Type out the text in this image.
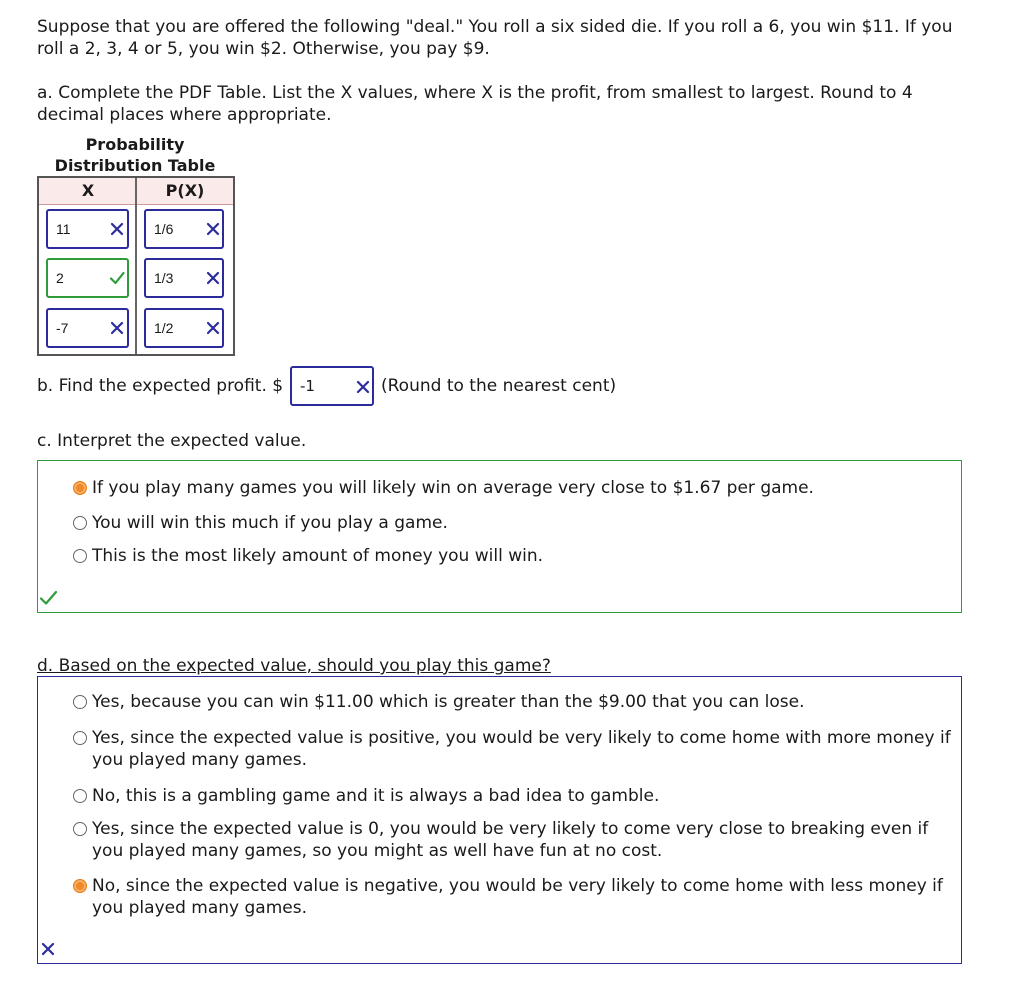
Suppose that you are offered the following "deal." You roll a six sided die. If you roll a 6, you win $11. If you roll a 2, 3, 4 or 5, you win $2. Otherwise, you pay $9.
a. Complete the PDF Table. List the X values, where X is the profit, from smallest to largest. Round to 4 decimal places where appropriate.
Probability Distribution Table
X	P(X)
11	1/6
2	1/3
-7	1/2
b. Find the expected profit. $ -1	(Round to the nearest cent)
c. Interpret the expected value.
If you play many games you will likely win on average very close to $1.67 per game.
You will win this much if you play a game.
This is the most likely amount of money you will win.
d. Based on the expected value, should you play this game?
Yes, because you can win $11.00 which is greater than the $9.00 that you can lose.
Yes, since the expected value is positive, you would be very likely to come home with more money if you played many games.
No, this is a gambling game and it is always a bad idea to gamble.
Yes, since the expected value is 0, you would be very likely to come very close to breaking even if you played many games, so you might as well have fun at no cost.
No, since the expected value is negative, you would be very likely to come home with less money if you played many games.
